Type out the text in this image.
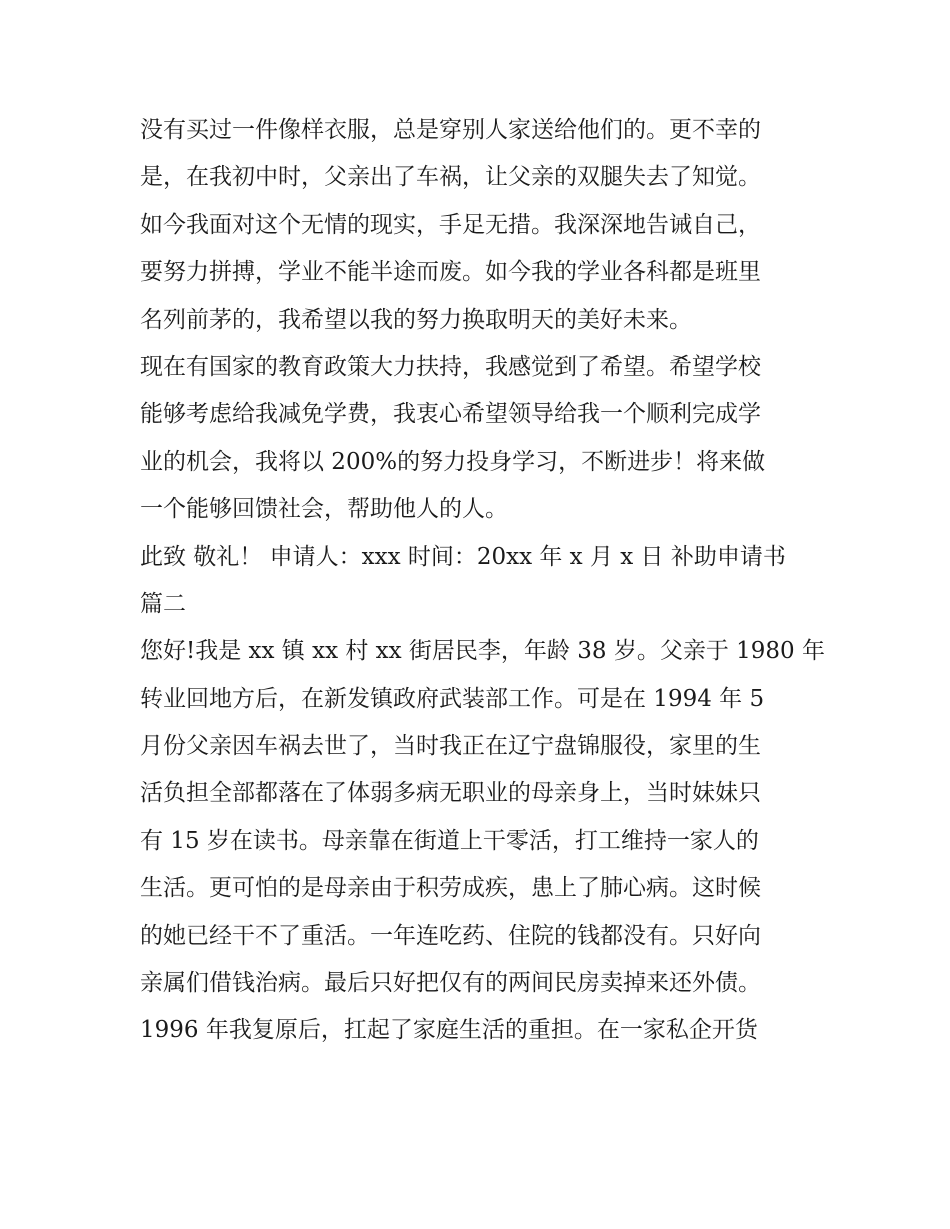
没有买过一件像样衣服，总是穿别人家送给他们的。更不幸的
是，在我初中时，父亲出了车祸，让父亲的双腿失去了知觉。
如今我面对这个无情的现实，手足无措。我深深地告诫自己，
要努力拼搏，学业不能半途而废。如今我的学业各科都是班里
名列前茅的，我希望以我的努力换取明天的美好未来。
现在有国家的教育政策大力扶持，我感觉到了希望。希望学校
能够考虑给我减免学费，我衷心希望领导给我一个顺利完成学
业的机会，我将以 200%的努力投身学习，不断进步！将来做
一个能够回馈社会，帮助他人的人。
此致 敬礼！ 申请人：xxx 时间：20xx 年 x 月 x 日 补助申请书
篇二
您好!我是 xx 镇 xx 村 xx 街居民李，年龄 38 岁。父亲于 1980 年
转业回地方后，在新发镇政府武装部工作。可是在 1994 年 5
月份父亲因车祸去世了，当时我正在辽宁盘锦服役，家里的生
活负担全部都落在了体弱多病无职业的母亲身上，当时妹妹只
有 15 岁在读书。母亲靠在街道上干零活，打工维持一家人的
生活。更可怕的是母亲由于积劳成疾，患上了肺心病。这时候
的她已经干不了重活。一年连吃药、住院的钱都没有。只好向
亲属们借钱治病。最后只好把仅有的两间民房卖掉来还外债。
1996 年我复原后，扛起了家庭生活的重担。在一家私企开货
